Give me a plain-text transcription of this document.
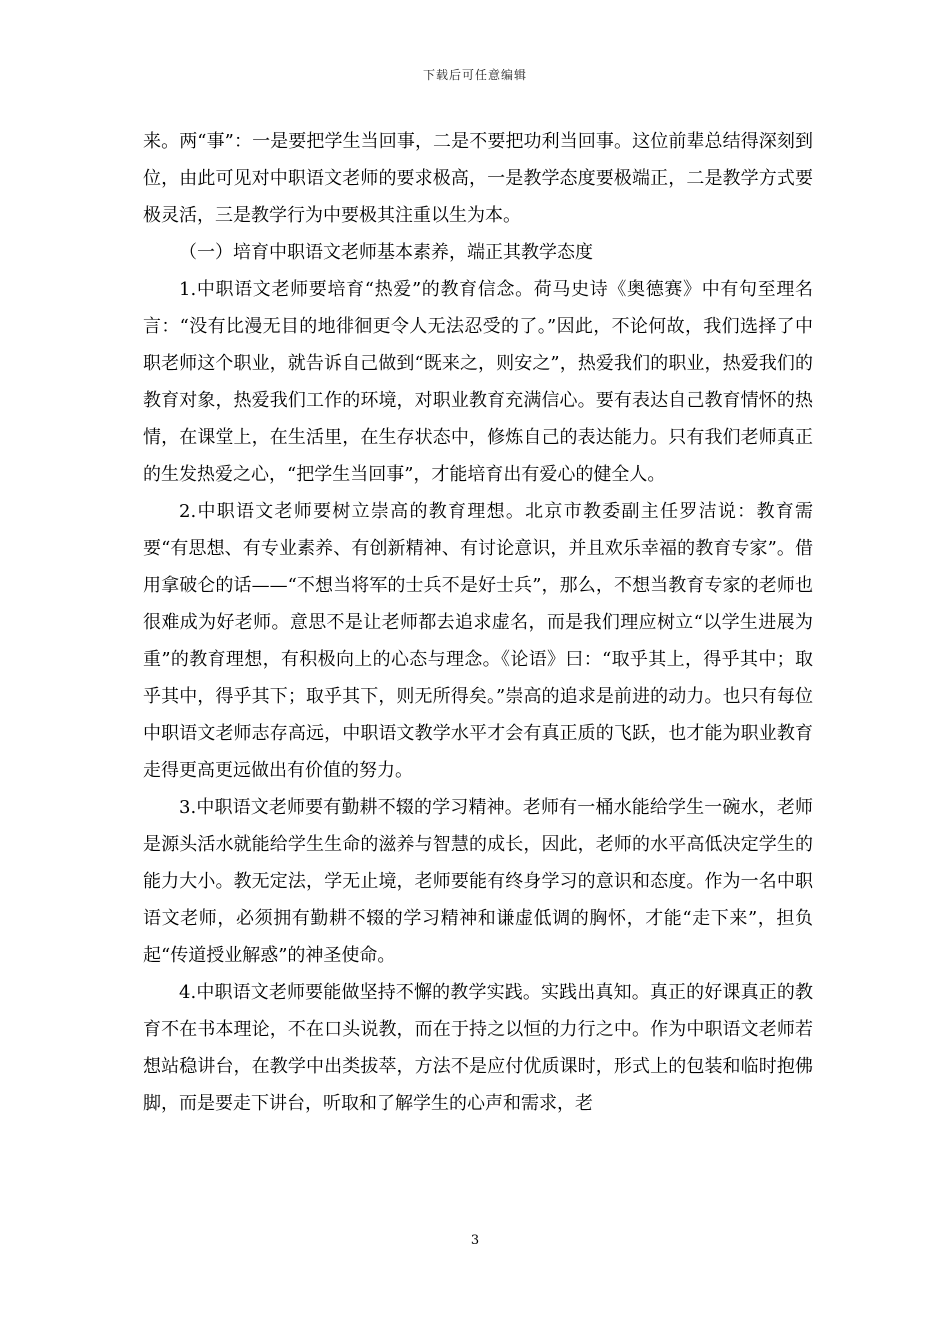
下载后可任意编辑

来。两“事”：一是要把学生当回事，二是不要把功利当回事。这位前辈总结得深刻到位，由此可见对中职语文老师的要求极高，一是教学态度要极端正，二是教学方式要极灵活，三是教学行为中要极其注重以生为本。

（一）培育中职语文老师基本素养，端正其教学态度

1.中职语文老师要培育“热爱”的教育信念。荷马史诗《奥德赛》中有句至理名言：“没有比漫无目的地徘徊更令人无法忍受的了。”因此，不论何故，我们选择了中职老师这个职业，就告诉自己做到“既来之，则安之”，热爱我们的职业，热爱我们的教育对象，热爱我们工作的环境，对职业教育充满信心。要有表达自己教育情怀的热情，在课堂上，在生活里，在生存状态中，修炼自己的表达能力。只有我们老师真正的生发热爱之心，“把学生当回事”，才能培育出有爱心的健全人。

2.中职语文老师要树立崇高的教育理想。北京市教委副主任罗洁说：教育需要“有思想、有专业素养、有创新精神、有讨论意识，并且欢乐幸福的教育专家”。借用拿破仑的话——“不想当将军的士兵不是好士兵”，那么，不想当教育专家的老师也很难成为好老师。意思不是让老师都去追求虚名，而是我们理应树立“以学生进展为重”的教育理想，有积极向上的心态与理念。《论语》曰：“取乎其上，得乎其中；取乎其中，得乎其下；取乎其下，则无所得矣。”崇高的追求是前进的动力。也只有每位中职语文老师志存高远，中职语文教学水平才会有真正质的飞跃，也才能为职业教育走得更高更远做出有价值的努力。

3.中职语文老师要有勤耕不辍的学习精神。老师有一桶水能给学生一碗水，老师是源头活水就能给学生生命的滋养与智慧的成长，因此，老师的水平高低决定学生的能力大小。教无定法，学无止境，老师要能有终身学习的意识和态度。作为一名中职语文老师，必须拥有勤耕不辍的学习精神和谦虚低调的胸怀，才能“走下来”，担负起“传道授业解惑”的神圣使命。

4.中职语文老师要能做坚持不懈的教学实践。实践出真知。真正的好课真正的教育不在书本理论，不在口头说教，而在于持之以恒的力行之中。作为中职语文老师若想站稳讲台，在教学中出类拔萃，方法不是应付优质课时，形式上的包装和临时抱佛脚，而是要走下讲台，听取和了解学生的心声和需求，老

3
